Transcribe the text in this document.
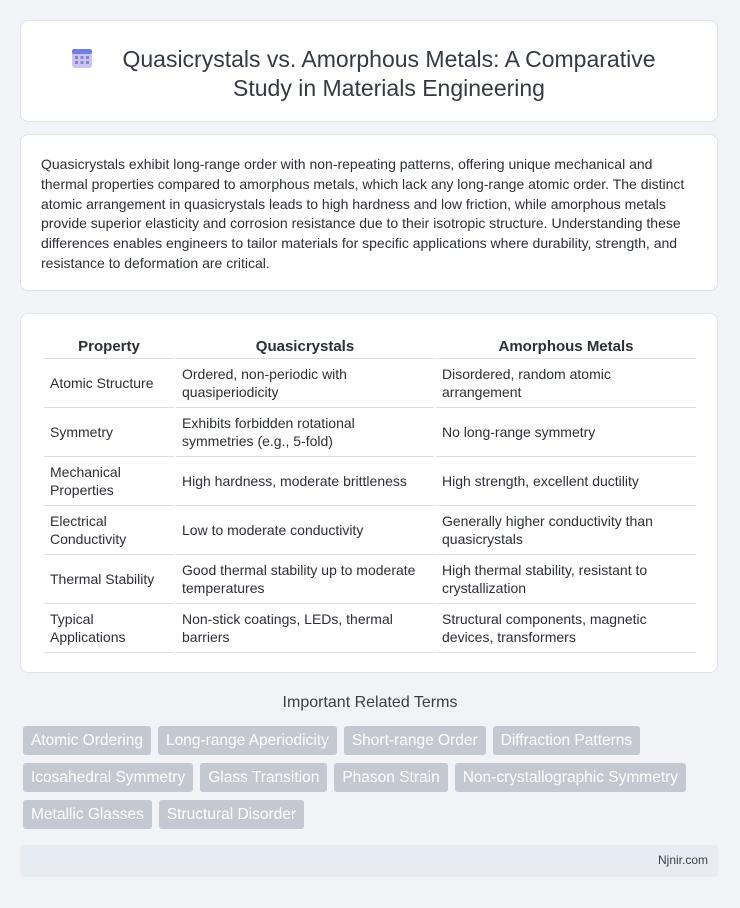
Quasicrystals vs. Amorphous Metals: A Comparative Study in Materials Engineering
Quasicrystals exhibit long-range order with non-repeating patterns, offering unique mechanical and thermal properties compared to amorphous metals, which lack any long-range atomic order. The distinct atomic arrangement in quasicrystals leads to high hardness and low friction, while amorphous metals provide superior elasticity and corrosion resistance due to their isotropic structure. Understanding these differences enables engineers to tailor materials for specific applications where durability, strength, and resistance to deformation are critical.
Property	Quasicrystals	Amorphous Metals
Atomic Structure	Ordered, non-periodic with quasiperiodicity	Disordered, random atomic arrangement
Symmetry	Exhibits forbidden rotational symmetries (e.g., 5-fold)	No long-range symmetry
Mechanical Properties	High hardness, moderate brittleness	High strength, excellent ductility
Electrical Conductivity	Low to moderate conductivity	Generally higher conductivity than quasicrystals
Thermal Stability	Good thermal stability up to moderate temperatures	High thermal stability, resistant to crystallization
Typical Applications	Non-stick coatings, LEDs, thermal barriers	Structural components, magnetic devices, transformers
Important Related Terms
Atomic Ordering	Long-range Aperiodicity	Short-range Order	Diffraction Patterns
Icosahedral Symmetry	Glass Transition	Phason Strain	Non-crystallographic Symmetry
Metallic Glasses	Structural Disorder
Njnir.com
